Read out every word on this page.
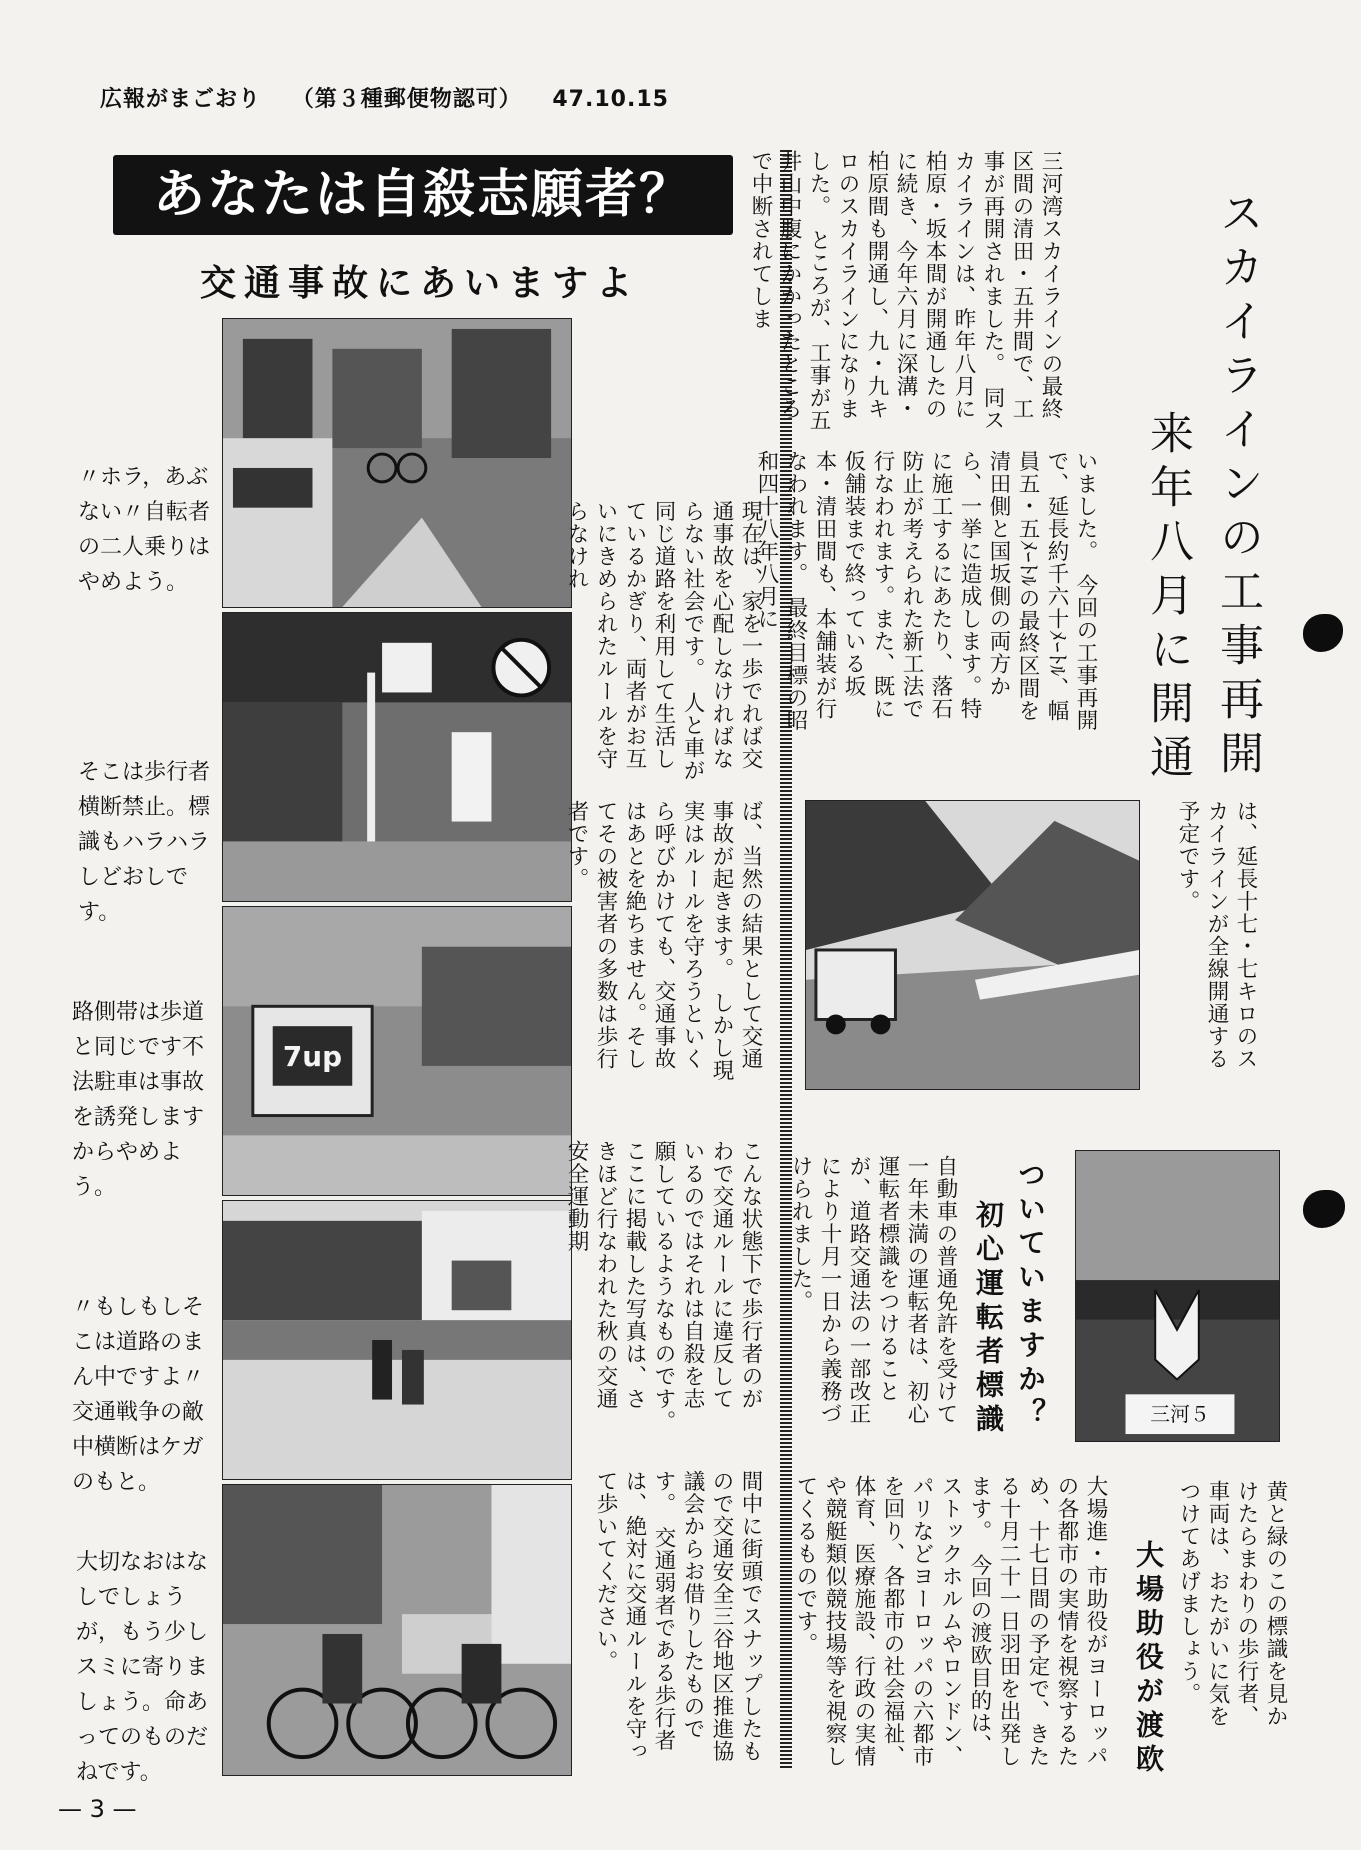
広報がまごおり （第３種郵便物認可） 47.10.15
あなたは自殺志願者？
交通事故にあいますよ
7up
〃ホラ，あぶない〃自転者の二人乗りはやめよう。
そこは歩行者横断禁止。標識もハラハラしどおしです。
路側帯は歩道と同じです不法駐車は事故を誘発しますからやめよう。
〃もしもしそこは道路のまん中ですよ〃交通戦争の敵中横断はケガのもと。
大切なおはなしでしょうが，もう少しスミに寄りましょう。命あってのものだねです。
現在は、家を一歩でれば交通事故を心配しなければならない社会です。　人と車が同じ道路を利用して生活しているかぎり、両者がお互いにきめられたルールを守らなけれ
ば、当然の結果として交通事故が起きます。　しかし現実はルールを守ろうといくら呼びかけても、交通事故はあとを絶ちません。そしてその被害者の多数は歩行者です。
こんな状態下で歩行者のがわで交通ルールに違反しているのではそれは自殺を志願しているようなものです。　ここに掲載した写真は、さきほど行なわれた秋の交通安全運動期
間中に街頭でスナップしたもので交通安全三谷地区推進協議会からお借りしたものです。　交通弱者である歩行者は、絶対に交通ルールを守って歩いてください。
三河湾スカイラインの最終区間の清田・五井間で、工事が再開されました。　同スカイラインは、昨年八月に柏原・坂本間が開通したのに続き、今年六月に深溝・柏原間も開通し、九・九キロのスカイラインになりました。　ところが、工事が五井山中腹にかかったところで中断されてしま
いました。　今回の工事再開で、延長約千六十ﾒｰﾄﾙ、幅員五・五ﾒｰﾄﾙの最終区間を清田側と国坂側の両方から、一挙に造成します。特に施工するにあたり、落石防止が考えられた新工法で行なわれます。また、既に仮舗装まで終っている坂本・清田間も、本舗装が行なわれます。　最終目標の昭和四十八年八月に	スカイラインの工事再開
来年八月に開通
は、延長十七・七キロのスカイラインが全線開通する予定です。
ついていますか？
初心運転者標識
自動車の普通免許を受けて一年未満の運転者は、初心運転者標識をつけることが、道路交通法の一部改正により十月一日から義務づけられました。
三河５
黄と緑のこの標識を見かけたらまわりの歩行者、車両は、おたがいに気をつけてあげましょう。
大場助役が渡欧
大場進・市助役がヨーロッパの各都市の実情を視察するため、十七日間の予定で、きたる十月二十一日羽田を出発します。　今回の渡欧目的は、ストックホルムやロンドン、パリなどヨーロッパの六都市を回り、各都市の社会福祉、体育、医療施設、行政の実情や競艇類似競技場等を視察してくるものです。
— 3 —
